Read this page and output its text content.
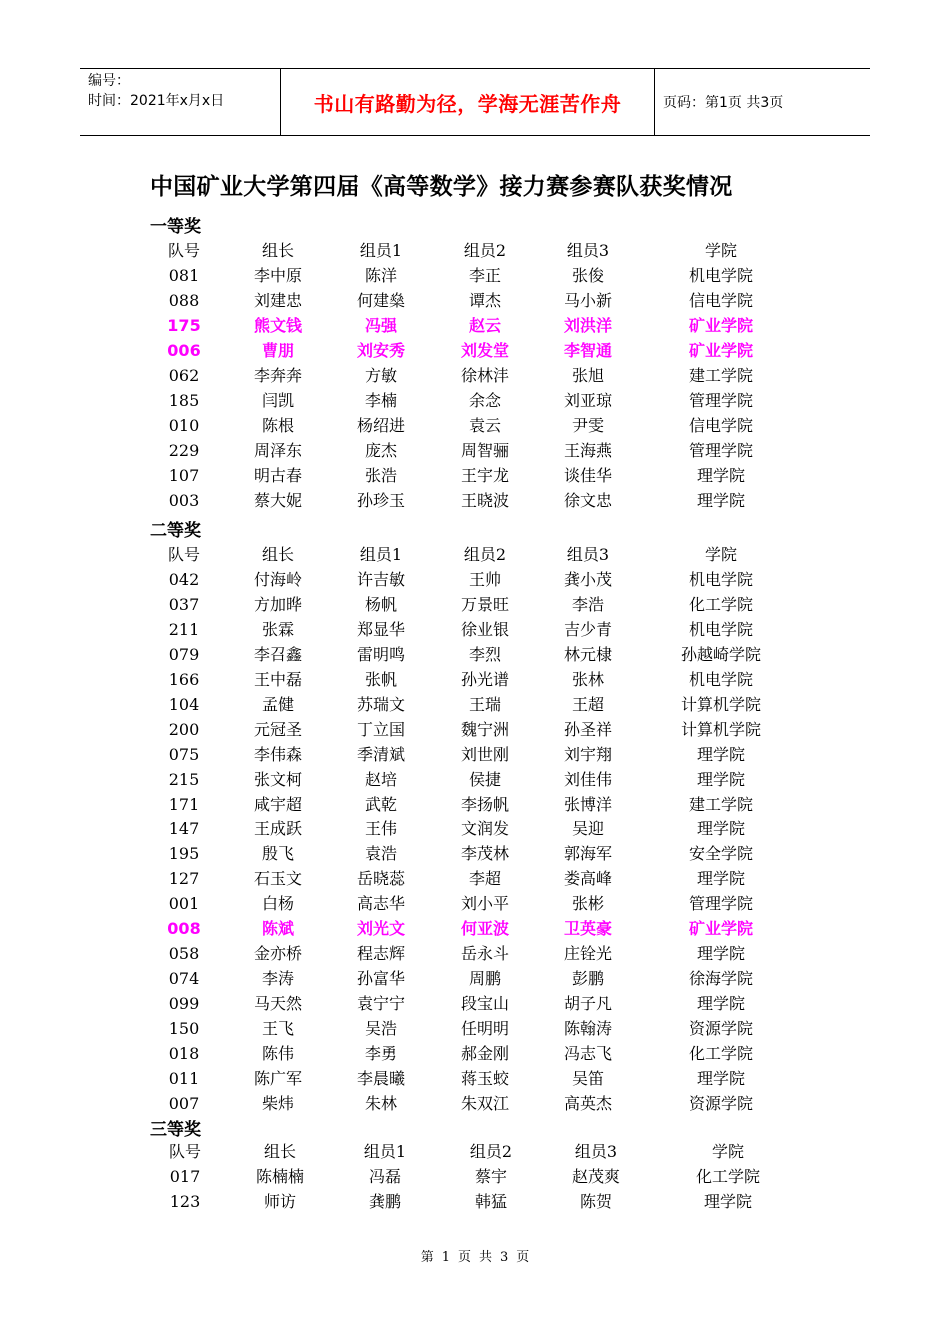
编号：
时间：2021年x月x日	书山有路勤为径，学海无涯苦作舟	页码：第1页 共3页
中国矿业大学第四届《高等数学》接力赛参赛队获奖情况
一等奖
队号	组长	组员1	组员2	组员3	学院
081	李中原	陈洋	李正	张俊	机电学院
088	刘建忠	何建燊	谭杰	马小新	信电学院
175	熊文钱	冯强	赵云	刘洪洋	矿业学院
006	曹朋	刘安秀	刘发堂	李智通	矿业学院
062	李奔奔	方敏	徐林沣	张旭	建工学院
185	闫凯	李楠	余念	刘亚琼	管理学院
010	陈根	杨绍进	袁云	尹雯	信电学院
229	周泽东	庞杰	周智骊	王海燕	管理学院
107	明古春	张浩	王宇龙	谈佳华	理学院
003	蔡大妮	孙珍玉	王晓波	徐文忠	理学院
二等奖
队号	组长	组员1	组员2	组员3	学院
042	付海岭	许吉敏	王帅	龚小茂	机电学院
037	方加晔	杨帆	万景旺	李浩	化工学院
211	张霖	郑显华	徐业银	吉少青	机电学院
079	李召鑫	雷明鸣	李烈	林元棣	孙越崎学院
166	王中磊	张帆	孙光谱	张林	机电学院
104	孟健	苏瑞文	王瑞	王超	计算机学院
200	元冠圣	丁立国	魏宁洲	孙圣祥	计算机学院
075	李伟森	季清斌	刘世刚	刘宇翔	理学院
215	张文柯	赵培	侯捷	刘佳伟	理学院
171	咸宇超	武乾	李扬帆	张博洋	建工学院
147	王成跃	王伟	文润发	吴迎	理学院
195	殷飞	袁浩	李茂林	郭海军	安全学院
127	石玉文	岳晓蕊	李超	娄高峰	理学院
001	白杨	高志华	刘小平	张彬	管理学院
008	陈斌	刘光文	何亚波	卫英豪	矿业学院
058	金亦桥	程志辉	岳永斗	庄铨光	理学院
074	李涛	孙富华	周鹏	彭鹏	徐海学院
099	马天然	袁宁宁	段宝山	胡子凡	理学院
150	王飞	吴浩	任明明	陈翰涛	资源学院
018	陈伟	李勇	郝金刚	冯志飞	化工学院
011	陈广军	李晨曦	蒋玉蛟	吴笛	理学院
007	柴炜	朱林	朱双江	高英杰	资源学院
三等奖
队号	组长	组员1	组员2	组员3	学院
017	陈楠楠	冯磊	蔡宇	赵茂爽	化工学院
123	师访	龚鹏	韩猛	陈贺	理学院
第 1 页 共 3 页
